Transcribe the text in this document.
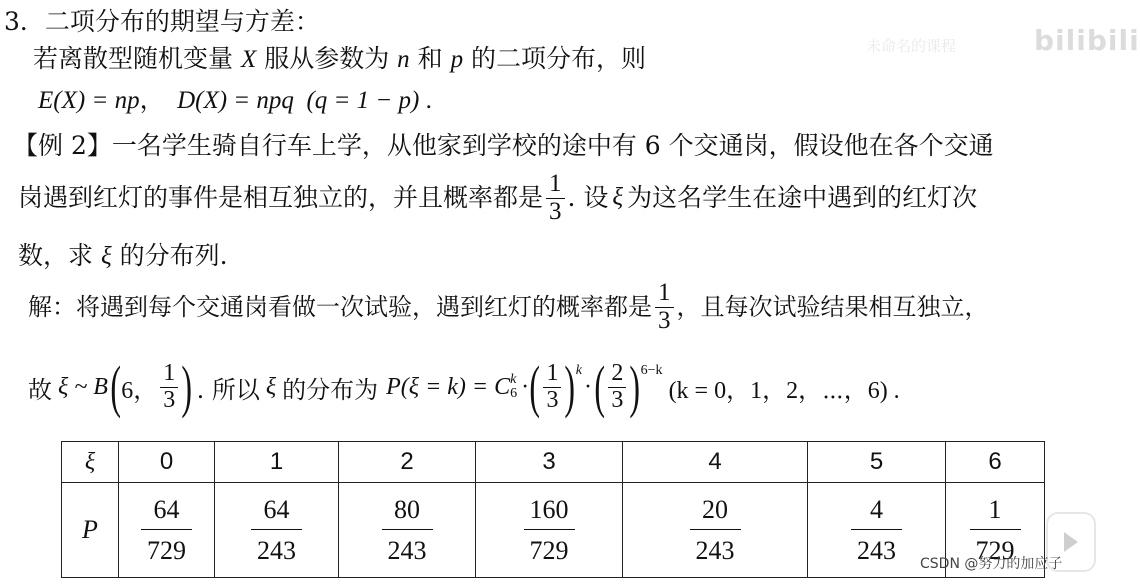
未命名的课程	bilibili
3．二项分布的期望与方差：
若离散型随机变量 X 服从参数为 n 和 p 的二项分布，则
E(X) = np， D(X) = npq (q = 1 − p) .
【例 2】一名学生骑自行车上学，从他家到学校的途中有 6 个交通岗，假设他在各个交通
岗遇到红灯的事件是相互独立的，并且概率都是 $\frac{1}{3}$ . 设 ξ 为这名学生在途中遇到的红灯次
数，求 ξ 的分布列.
解：将遇到每个交通岗看做一次试验，遇到红灯的概率都是 $\frac{1}{3}$ ，且每次试验结果相互独立，
故 ξ ~ B ( 6， $\frac{1}{3}$ ) . 所以 ξ 的分布为 P(ξ = k) = C k
6 · ( $\frac{1}{3}$ ) k
· ( $\frac{2}{3}$ ) 6−k
(k = 0，1，2，⋯，6) .
ξ	0	1	2	3	4	5	6
P	$\frac{64}{729}$	$\frac{64}{243}$	$\frac{80}{243}$	$\frac{160}{729}$	$\frac{20}{243}$	$\frac{4}{243}$	$\frac{1}{729}$
CSDN @努力的加应子
